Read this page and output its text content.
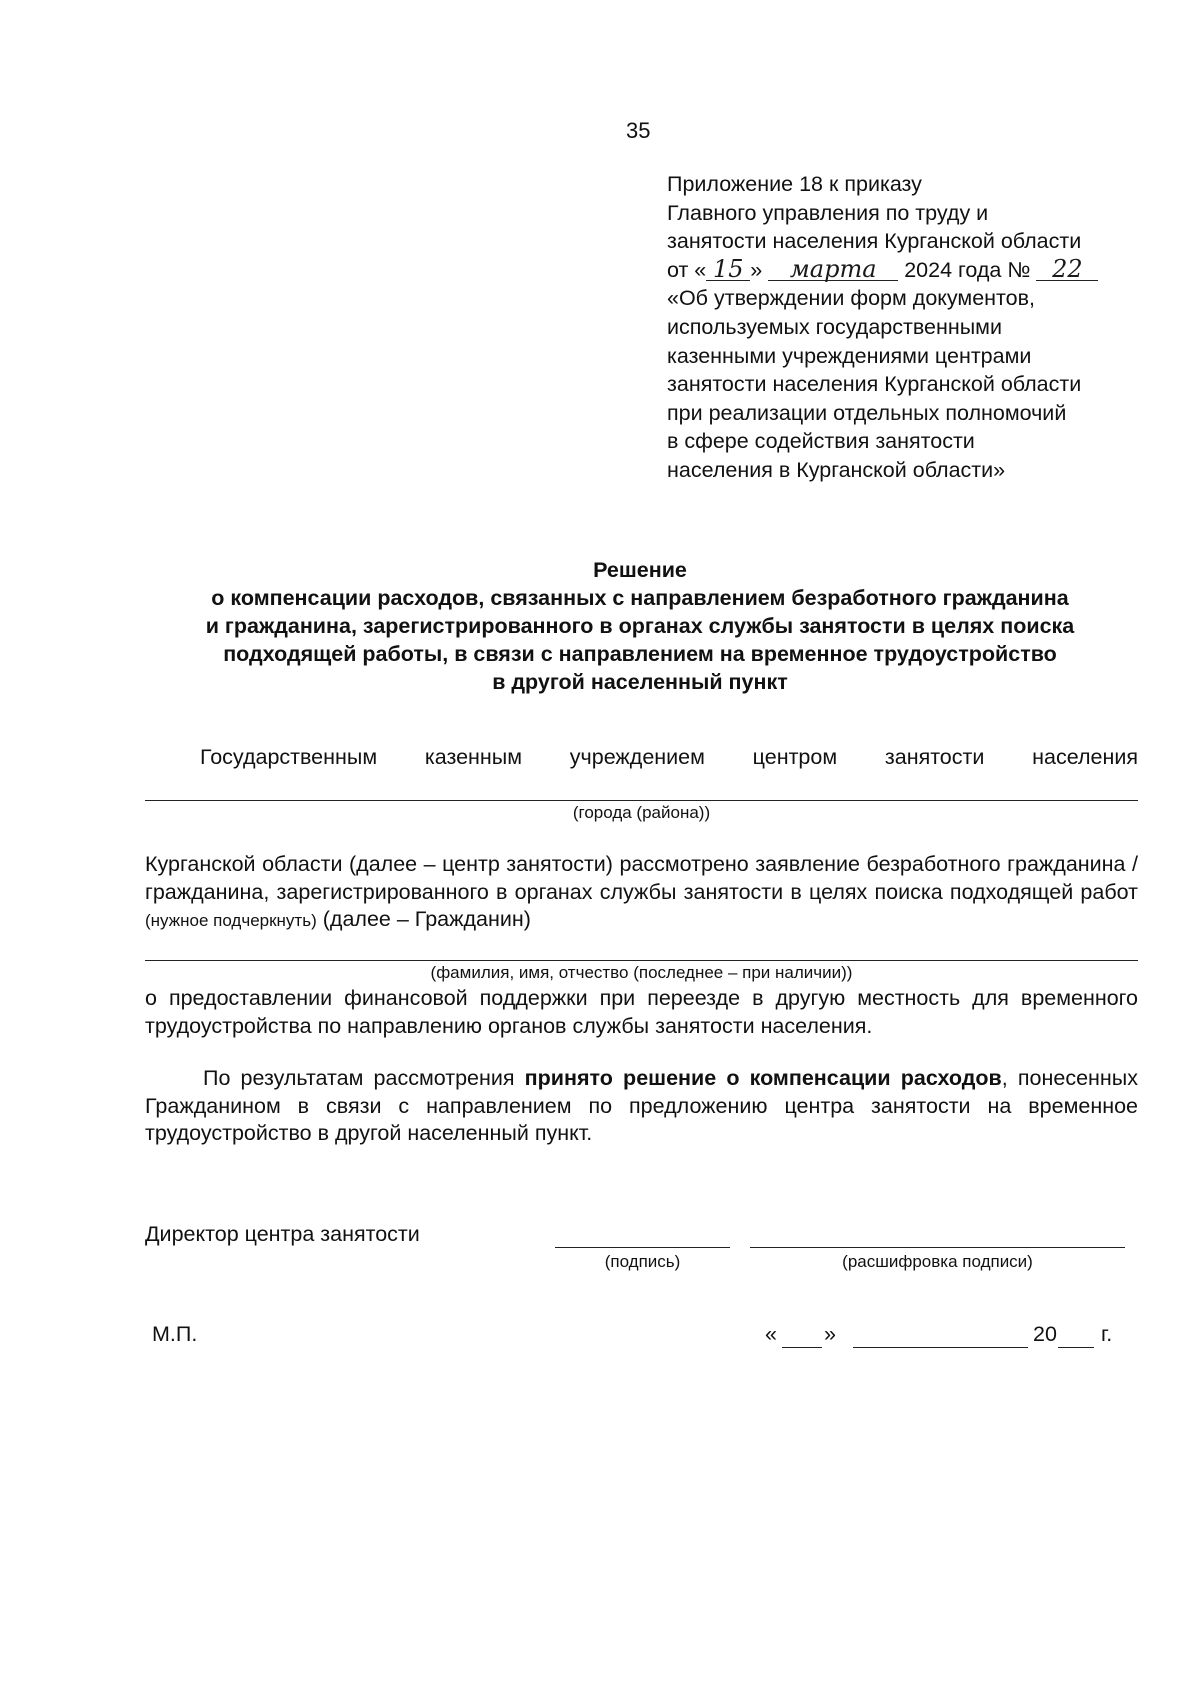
35
Приложение 18 к приказу
Главного управления по труду и
занятости населения Курганской области
от « 15 » марта 2024 года № 22
«Об утверждении форм документов,
используемых государственными
казенными учреждениями центрами
занятости населения Курганской области
при реализации отдельных полномочий
в сфере содействия занятости
населения в Курганской области»
Решение
о компенсации расходов, связанных с направлением безработного гражданина
и гражданина, зарегистрированного в органах службы занятости в целях поиска
подходящей работы, в связи с направлением на временное трудоустройство
в другой населенный пункт
Государственным казенным учреждением центром занятости населения
(города (района))
Курганской области (далее – центр занятости) рассмотрено заявление безработного гражданина / гражданина, зарегистрированного в органах службы занятости в целях поиска подходящей работ (нужное подчеркнуть) (далее – Гражданин)
(фамилия, имя, отчество (последнее – при наличии))
о предоставлении финансовой поддержки при переезде в другую местность для временного трудоустройства по направлению органов службы занятости населения.
По результатам рассмотрения принято решение о компенсации расходов, понесенных Гражданином в связи с направлением по предложению центра занятости на временное трудоустройство в другой населенный пункт.
Директор центра занятости
(подпись)	(расшифровка подписи)
М.П.	« »	20 г.
